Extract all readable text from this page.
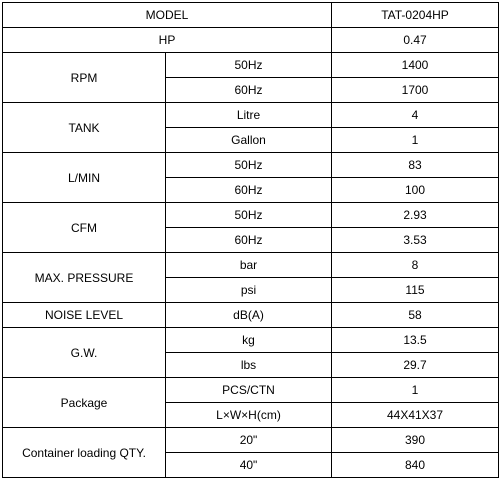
MODEL		TAT-0204HP
HP		0.47
RPM	50Hz	1400
	60Hz	1700
TANK	Litre	4
	Gallon	1
L/MIN	50Hz	83
	60Hz	100
CFM	50Hz	2.93
	60Hz	3.53
MAX. PRESSURE	bar	8
	psi	115
NOISE LEVEL	dB(A)	58
G.W.	kg	13.5
	lbs	29.7
Package	PCS/CTN	1
	L×W×H(cm)	44X41X37
Container loading QTY.	20"	390
	40"	840
